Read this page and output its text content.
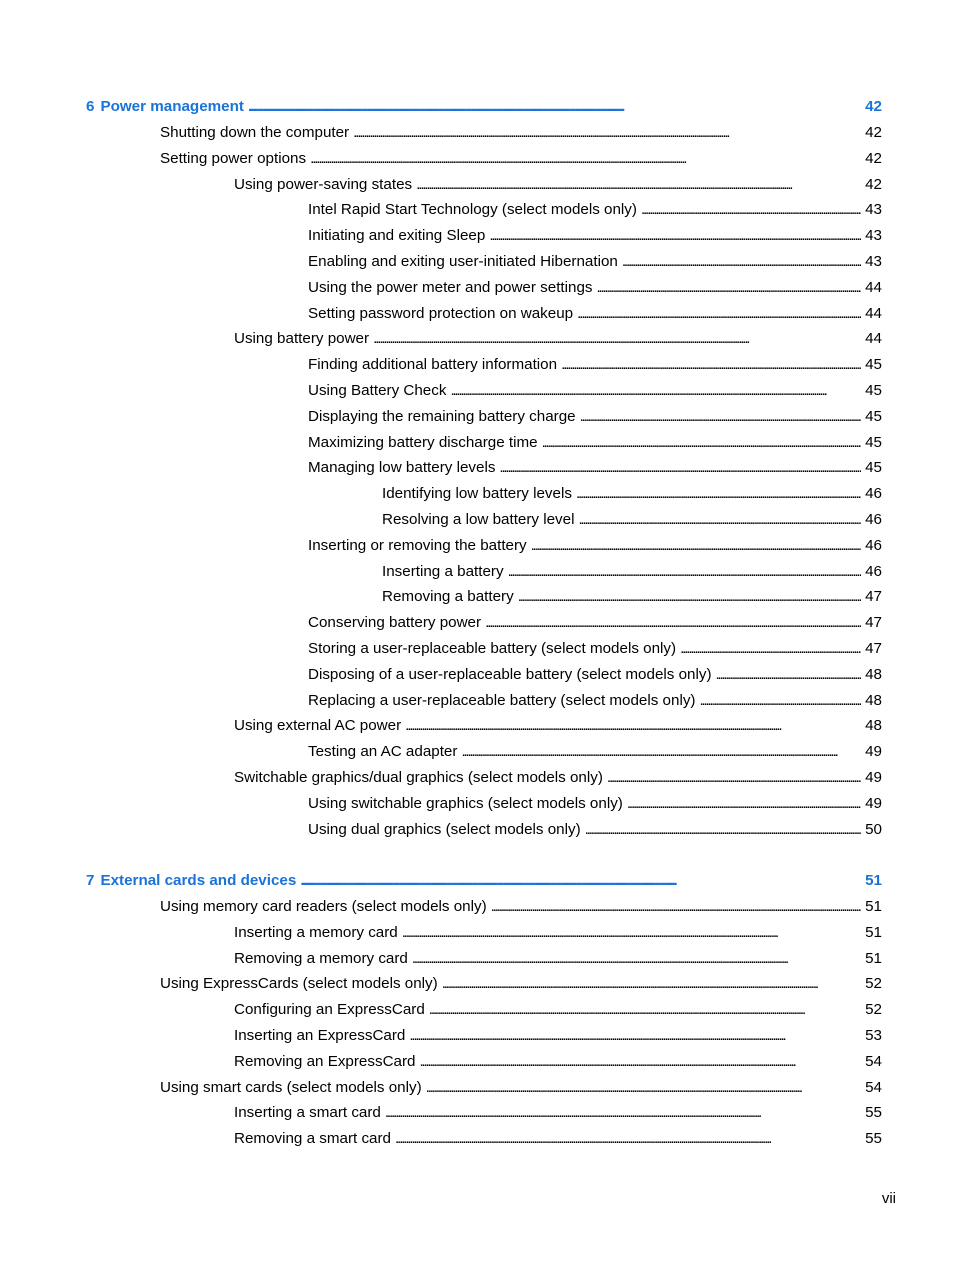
6 Power management . . .	42
Shutting down the computer . . .	42
Setting power options . . .	42
Using power-saving states . . .	42
Intel Rapid Start Technology (select models only) . . .	43
Initiating and exiting Sleep . . .	43
Enabling and exiting user-initiated Hibernation . . .	43
Using the power meter and power settings . . .	44
Setting password protection on wakeup . . .	44
Using battery power . . .	44
Finding additional battery information . . .	45
Using Battery Check . . .	45
Displaying the remaining battery charge . . .	45
Maximizing battery discharge time . . .	45
Managing low battery levels . . .	45
Identifying low battery levels . . .	46
Resolving a low battery level . . .	46
Inserting or removing the battery . . .	46
Inserting a battery . . .	46
Removing a battery . . .	47
Conserving battery power . . .	47
Storing a user-replaceable battery (select models only) . . .	47
Disposing of a user-replaceable battery (select models only) . . .	48
Replacing a user-replaceable battery (select models only) . . .	48
Using external AC power . . .	48
Testing an AC adapter . . .	49
Switchable graphics/dual graphics (select models only) . . .	49
Using switchable graphics (select models only) . . .	49
Using dual graphics (select models only) . . .	50
7 External cards and devices . . .	51
Using memory card readers (select models only) . . .	51
Inserting a memory card . . .	51
Removing a memory card . . .	51
Using ExpressCards (select models only) . . .	52
Configuring an ExpressCard . . .	52
Inserting an ExpressCard . . .	53
Removing an ExpressCard . . .	54
Using smart cards (select models only) . . .	54
Inserting a smart card . . .	55
Removing a smart card . . .	55
vii
